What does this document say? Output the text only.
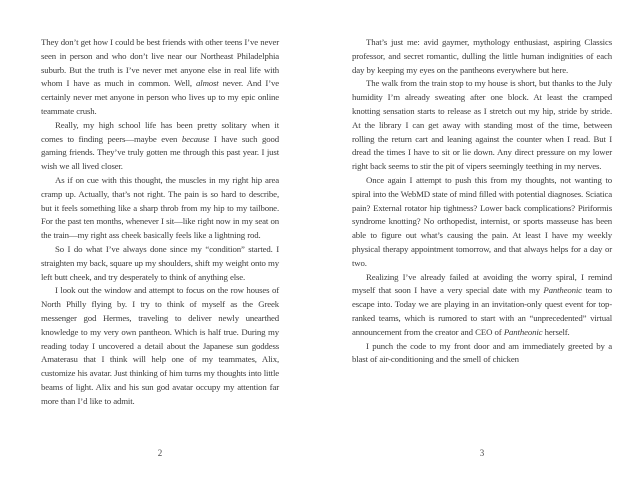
They don’t get how I could be best friends with other teens I’ve never seen in person and who don’t live near our Northeast Philadelphia suburb. But the truth is I’ve never met anyone else in real life with whom I have as much in common. Well, almost never. And I’ve certainly never met anyone in person who lives up to my epic online teammate crush.

Really, my high school life has been pretty solitary when it comes to finding peers—maybe even because I have such good gaming friends. They’ve truly gotten me through this past year. I just wish we all lived closer.

As if on cue with this thought, the muscles in my right hip area cramp up. Actually, that’s not right. The pain is so hard to describe, but it feels something like a sharp throb from my hip to my tailbone. For the past ten months, whenever I sit—like right now in my seat on the train—my right ass cheek basically feels like a lightning rod.

So I do what I’ve always done since my “condition” started. I straighten my back, square up my shoulders, shift my weight onto my left butt cheek, and try desperately to think of anything else.

I look out the window and attempt to focus on the row houses of North Philly flying by. I try to think of myself as the Greek messenger god Hermes, traveling to deliver newly unearthed knowledge to my very own pantheon. Which is half true. During my reading today I uncovered a detail about the Japanese sun goddess Amaterasu that I think will help one of my teammates, Alix, customize his avatar. Just thinking of him turns my thoughts into little beams of light. Alix and his sun god avatar occupy my attention far more than I’d like to admit.

That’s just me: avid gaymer, mythology enthusiast, aspiring Classics professor, and secret romantic, dulling the little human indignities of each day by keeping my eyes on the pantheons everywhere but here.

The walk from the train stop to my house is short, but thanks to the July humidity I’m already sweating after one block. At least the cramped knotting sensation starts to release as I stretch out my hip, stride by stride. At the library I can get away with standing most of the time, between rolling the return cart and leaning against the counter when I read. But I dread the times I have to sit or lie down. Any direct pressure on my lower right back seems to stir the pit of vipers seemingly teething in my nerves.

Once again I attempt to push this from my thoughts, not wanting to spiral into the WebMD state of mind filled with potential diagnoses. Sciatica pain? External rotator hip tightness? Lower back complications? Piriformis syndrome knotting? No orthopedist, internist, or sports masseuse has been able to figure out what’s causing the pain. At least I have my weekly physical therapy appointment tomorrow, and that always helps for a day or two.

Realizing I’ve already failed at avoiding the worry spiral, I remind myself that soon I have a very special date with my Pantheonic team to escape into. Today we are playing in an invitation-only quest event for top-ranked teams, which is rumored to start with an “unprecedented” virtual announcement from the creator and CEO of Pantheonic herself.

I punch the code to my front door and am immediately greeted by a blast of air-conditioning and the smell of chicken

2	3
